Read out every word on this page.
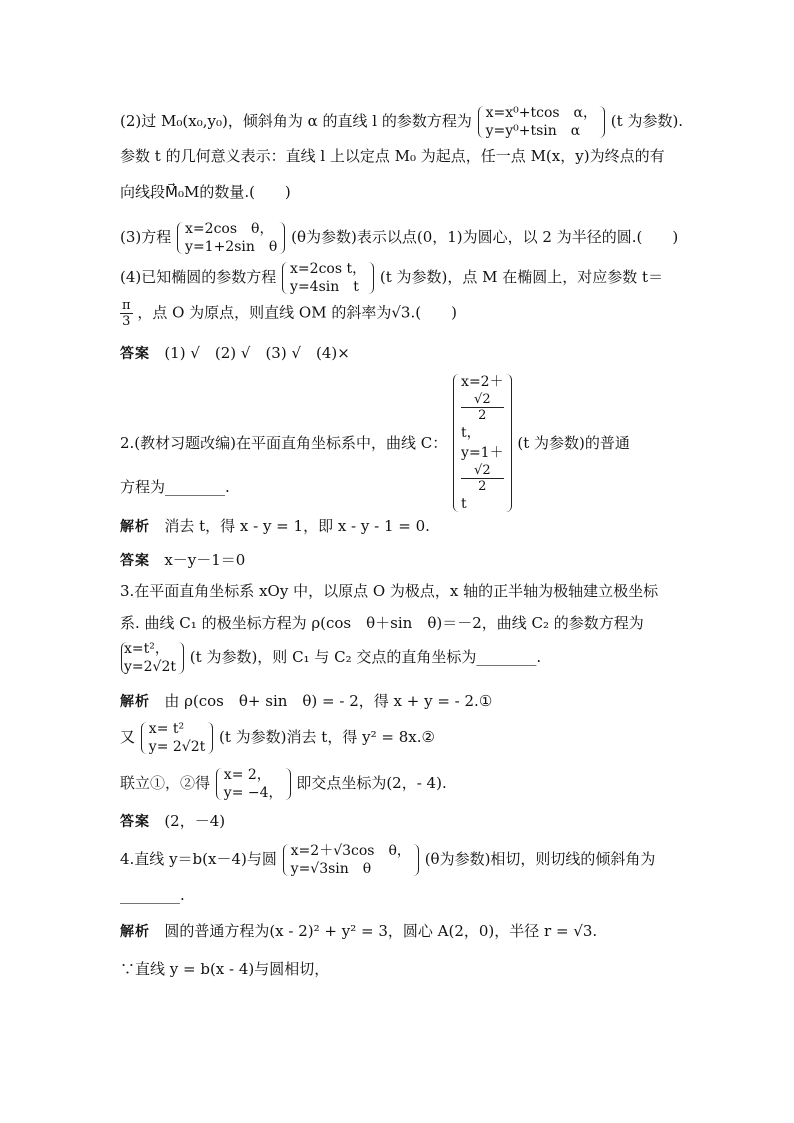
(2)过 M₀(x₀,y₀)，倾斜角为 α 的直线 l 的参数方程为 x=x⁰+tcos　α，
y=y⁰+tsin　α
(t 为参数).
参数 t 的几何意义表示：直线 l 上以定点 M₀ 为起点，任一点 M(x，y)为终点的有
向线段M⃗₀M的数量.(　　)
(3)方程 x=2cos　θ，
y=1+2sin　θ
(θ为参数)表示以点(0，1)为圆心，以 2 为半径的圆.(　　)
(4)已知椭圆的参数方程 x=2cos t，
y=4sin　t
(t 为参数)，点 M 在椭圆上，对应参数 t＝
$\frac{\pi}{3}$ ，点 O 为原点，则直线 OM 的斜率为√3.(　　)
答案 (1) √　(2) √　(3) √　(4)×
2.(教材习题改编)在平面直角坐标系中，曲线 C：
x=2＋
√2
2
t，
y=1＋
√2
2
t
(t 为参数)的普通
方程为________.
解析 消去 t，得 x - y = 1，即 x - y - 1 = 0.
答案 x－y－1＝0
3.在平面直角坐标系 xOy 中，以原点 O 为极点，x 轴的正半轴为极轴建立极坐标
系. 曲线 C₁ 的极坐标方程为 ρ(cos　θ＋sin　θ)＝－2，曲线 C₂ 的参数方程为
x=t²，
y=2√2t
(t 为参数)，则 C₁ 与 C₂ 交点的直角坐标为________.
解析 由 ρ(cos　θ+ sin　θ) = - 2，得 x + y = - 2.①
又 x= t²
y= 2√2t
(t 为参数)消去 t，得 y² = 8x.②
联立①，②得 x= 2，
y= −4，
即交点坐标为(2，- 4).
答案 (2，－4)
4.直线 y＝b(x－4)与圆 x=2＋√3cos　θ，
y=√3sin　θ
(θ为参数)相切，则切线的倾斜角为
________.
解析 圆的普通方程为(x - 2)² + y² = 3，圆心 A(2，0)，半径 r = √3.
∵直线 y = b(x - 4)与圆相切，
